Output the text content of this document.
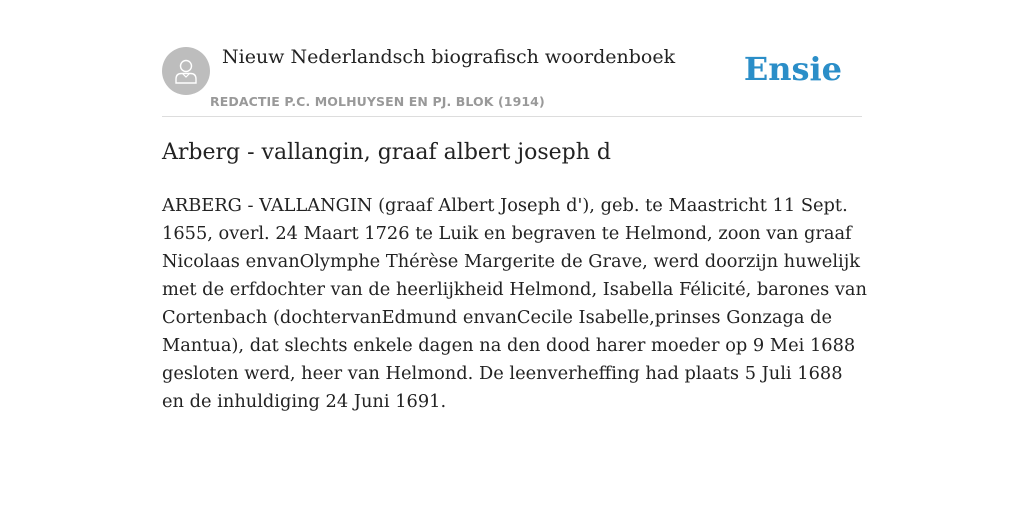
Nieuw Nederlandsch biografisch woordenboek
REDACTIE P.C. MOLHUYSEN EN PJ. BLOK (1914)
Ensie
Arberg - vallangin, graaf albert joseph d

ARBERG - VALLANGIN (graaf Albert Joseph d'), geb. te Maastricht 11 Sept. 1655, overl. 24 Maart 1726 te Luik en begraven te Helmond, zoon van graaf Nicolaas envanOlymphe Thérèse Margerite de Grave, werd doorzijn huwelijk met de erfdochter van de heerlijkheid Helmond, Isabella Félicité, barones van Cortenbach (dochtervanEdmund envanCecile Isabelle,prinses Gonzaga de Mantua), dat slechts enkele dagen na den dood harer moeder op 9 Mei 1688 gesloten werd, heer van Helmond. De leenverheffing had plaats 5 Juli 1688 en de inhuldiging 24 Juni 1691.
